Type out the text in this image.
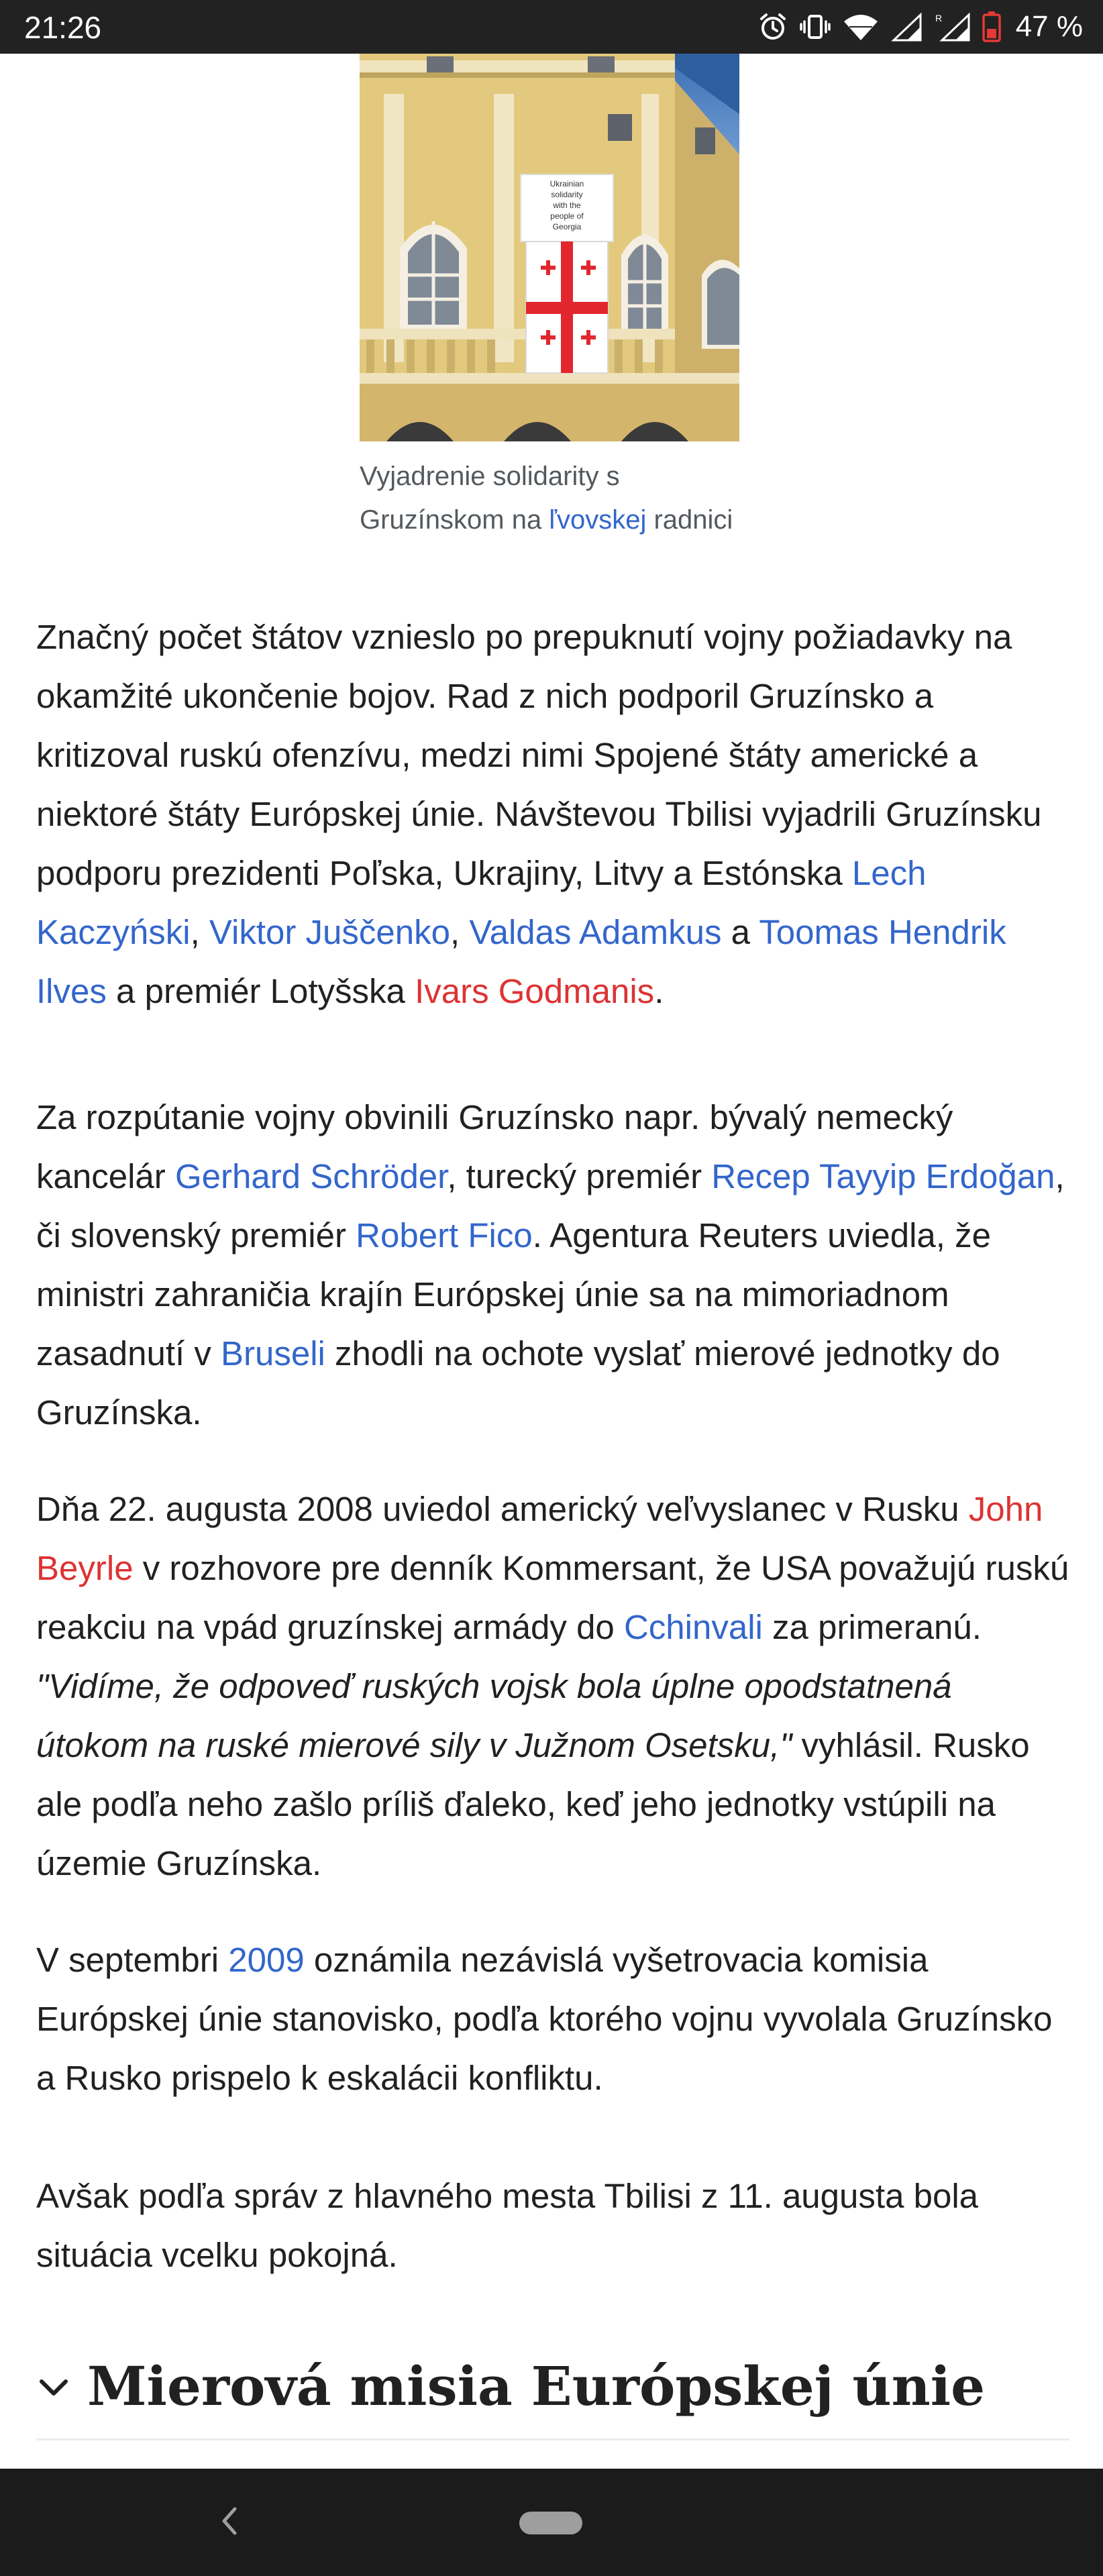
21:26	R 47 %
Ukrainian
solidarity
with the
people of
Georgia

Vyjadrenie solidarity s Gruzínskom na ľvovskej radnici

Značný počet štátov vznieslo po prepuknutí vojny požiadavky na okamžité ukončenie bojov. Rad z nich podporil Gruzínsko a kritizoval ruskú ofenzívu, medzi nimi Spojené štáty americké a niektoré štáty Európskej únie. Návštevou Tbilisi vyjadrili Gruzínsku podporu prezidenti Poľska, Ukrajiny, Litvy a Estónska Lech Kaczyński, Viktor Juščenko, Valdas Adamkus a Toomas Hendrik Ilves a premiér Lotyšska Ivars Godmanis.

Za rozpútanie vojny obvinili Gruzínsko napr. bývalý nemecký kancelár Gerhard Schröder, turecký premiér Recep Tayyip Erdoğan, či slovenský premiér Robert Fico. Agentura Reuters uviedla, že ministri zahraničia krajín Európskej únie sa na mimoriadnom zasadnutí v Bruseli zhodli na ochote vyslať mierové jednotky do Gruzínska.

Dňa 22. augusta 2008 uviedol americký veľvyslanec v Rusku John Beyrle v rozhovore pre denník Kommersant, že USA považujú ruskú reakciu na vpád gruzínskej armády do Cchinvali za primeranú. "Vidíme, že odpoveď ruských vojsk bola úplne opodstatnená útokom na ruské mierové sily v Južnom Osetsku," vyhlásil. Rusko ale podľa neho zašlo príliš ďaleko, keď jeho jednotky vstúpili na územie Gruzínska.

V septembri 2009 oznámila nezávislá vyšetrovacia komisia Európskej únie stanovisko, podľa ktorého vojnu vyvolala Gruzínsko a Rusko prispelo k eskalácii konfliktu.

Avšak podľa správ z hlavného mesta Tbilisi z 11. augusta bola situácia vcelku pokojná.

Mierová misia Európskej únie
